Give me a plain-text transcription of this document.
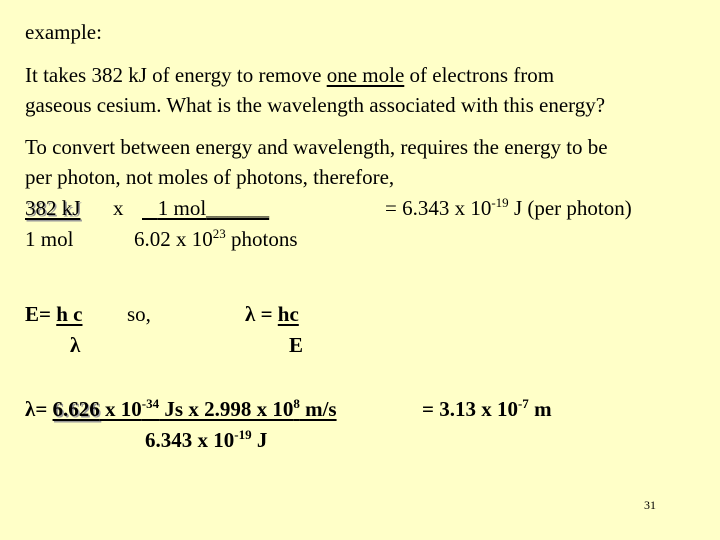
example:
It takes 382 kJ of energy to remove one mole of electrons from
gaseous cesium. What is the wavelength associated with this energy?
To convert between energy and wavelength, requires the energy to be
per photon, not moles of photons, therefore,
382 kJ x	1 mol______	= 6.343 x $10^{-19}$ J (per photon)
1 mol	6.02 x $10^{23}$ photons
E= h c so,
λ
λ = hc
E
λ= 6.626 x $10^{-34}$ Js x 2.998 x $10^8$ m/s	= 3.13 x $10^{-7}$ m
6.343 x $10^{-19}$ J
31
